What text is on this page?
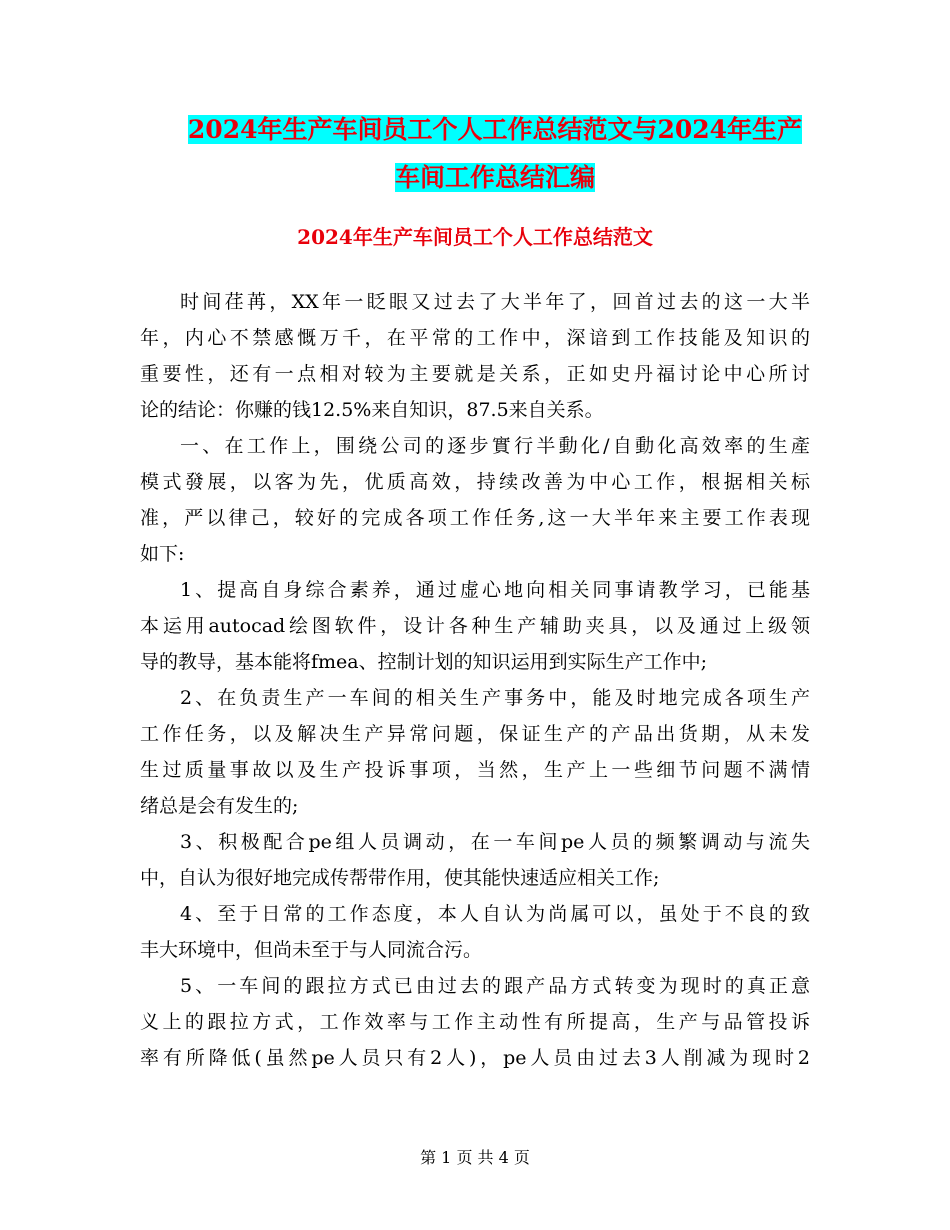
2024年生产车间员工个人工作总结范文与2024年生产
车间工作总结汇编
2024年生产车间员工个人工作总结范文
时间荏苒，XX年一眨眼又过去了大半年了，回首过去的这一大半
年，内心不禁感慨万千，在平常的工作中，深谙到工作技能及知识的
重要性，还有一点相对较为主要就是关系，正如史丹福讨论中心所讨
论的结论：你赚的钱12.5%来自知识，87.5来自关系。
一、在工作上，围绕公司的逐步實行半動化/自動化高效率的生產
模式發展，以客为先，优质高效，持续改善为中心工作，根据相关标
准，严以律己，较好的完成各项工作任务,这一大半年来主要工作表现
如下:
1、提高自身综合素养，通过虚心地向相关同事请教学习，已能基
本运用autocad绘图软件，设计各种生产辅助夹具，以及通过上级领
导的教导，基本能将fmea、控制计划的知识运用到实际生产工作中;
2、在负责生产一车间的相关生产事务中，能及时地完成各项生产
工作任务，以及解决生产异常问题，保证生产的产品出货期，从未发
生过质量事故以及生产投诉事项，当然，生产上一些细节问题不满情
绪总是会有发生的;
3、积极配合pe组人员调动，在一车间pe人员的频繁调动与流失
中，自认为很好地完成传帮带作用，使其能快速适应相关工作;
4、至于日常的工作态度，本人自认为尚属可以，虽处于不良的致
丰大环境中，但尚未至于与人同流合污。
5、一车间的跟拉方式已由过去的跟产品方式转变为现时的真正意
义上的跟拉方式，工作效率与工作主动性有所提高，生产与品管投诉
率有所降低(虽然pe人员只有2人)，pe人员由过去3人削减为现时2
第 1 页 共 4 页
